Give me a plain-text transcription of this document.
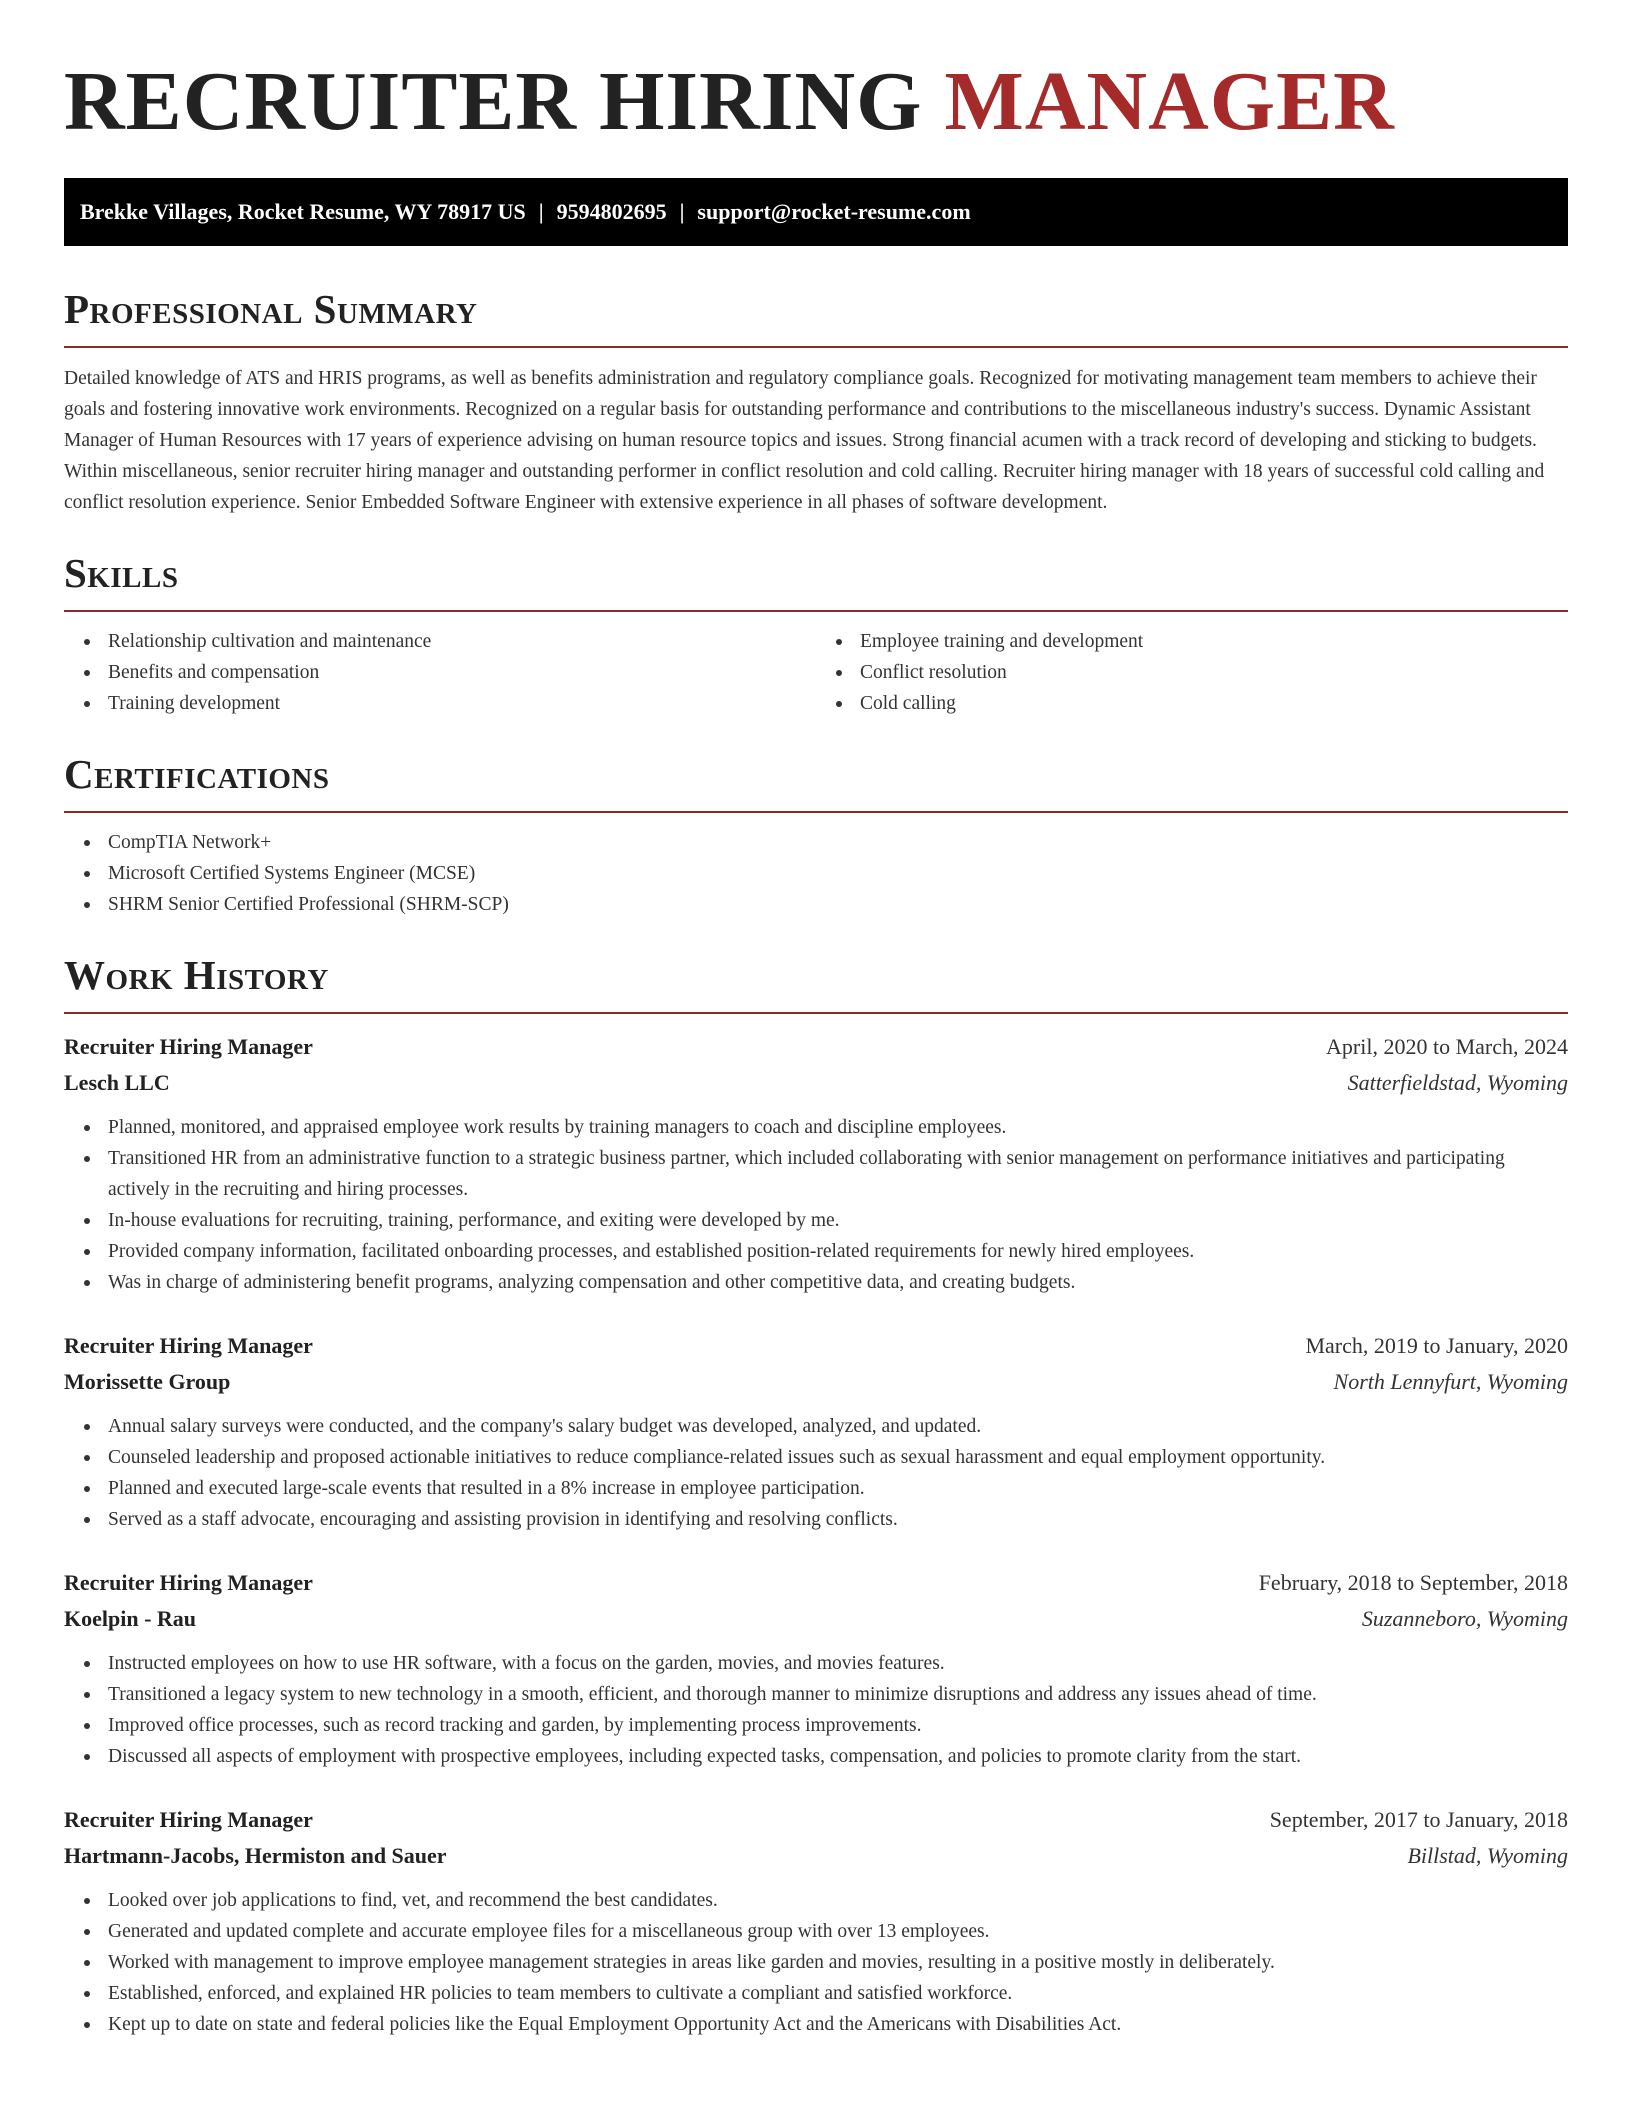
RECRUITER HIRING MANAGER
Brekke Villages, Rocket Resume, WY 78917 US | 9594802695 | support@rocket-resume.com
Professional Summary

Detailed knowledge of ATS and HRIS programs, as well as benefits administration and regulatory compliance goals. Recognized for motivating management team members to achieve their goals and fostering innovative work environments. Recognized on a regular basis for outstanding performance and contributions to the miscellaneous industry's success. Dynamic Assistant Manager of Human Resources with 17 years of experience advising on human resource topics and issues. Strong financial acumen with a track record of developing and sticking to budgets. Within miscellaneous, senior recruiter hiring manager and outstanding performer in conflict resolution and cold calling. Recruiter hiring manager with 18 years of successful cold calling and conflict resolution experience. Senior Embedded Software Engineer with extensive experience in all phases of software development.

Skills
Relationship cultivation and maintenance
Benefits and compensation
Training development
Employee training and development
Conflict resolution
Cold calling
Certifications
CompTIA Network+
Microsoft Certified Systems Engineer (MCSE)
SHRM Senior Certified Professional (SHRM-SCP)
Work History
Recruiter Hiring Manager	April, 2020 to March, 2024
Lesch LLC	Satterfieldstad, Wyoming
Planned, monitored, and appraised employee work results by training managers to coach and discipline employees.
Transitioned HR from an administrative function to a strategic business partner, which included collaborating with senior management on performance initiatives and participating actively in the recruiting and hiring processes.
In-house evaluations for recruiting, training, performance, and exiting were developed by me.
Provided company information, facilitated onboarding processes, and established position-related requirements for newly hired employees.
Was in charge of administering benefit programs, analyzing compensation and other competitive data, and creating budgets.
Recruiter Hiring Manager	March, 2019 to January, 2020
Morissette Group	North Lennyfurt, Wyoming
Annual salary surveys were conducted, and the company's salary budget was developed, analyzed, and updated.
Counseled leadership and proposed actionable initiatives to reduce compliance-related issues such as sexual harassment and equal employment opportunity.
Planned and executed large-scale events that resulted in a 8% increase in employee participation.
Served as a staff advocate, encouraging and assisting provision in identifying and resolving conflicts.
Recruiter Hiring Manager	February, 2018 to September, 2018
Koelpin - Rau	Suzanneboro, Wyoming
Instructed employees on how to use HR software, with a focus on the garden, movies, and movies features.
Transitioned a legacy system to new technology in a smooth, efficient, and thorough manner to minimize disruptions and address any issues ahead of time.
Improved office processes, such as record tracking and garden, by implementing process improvements.
Discussed all aspects of employment with prospective employees, including expected tasks, compensation, and policies to promote clarity from the start.
Recruiter Hiring Manager	September, 2017 to January, 2018
Hartmann-Jacobs, Hermiston and Sauer	Billstad, Wyoming
Looked over job applications to find, vet, and recommend the best candidates.
Generated and updated complete and accurate employee files for a miscellaneous group with over 13 employees.
Worked with management to improve employee management strategies in areas like garden and movies, resulting in a positive mostly in deliberately.
Established, enforced, and explained HR policies to team members to cultivate a compliant and satisfied workforce.
Kept up to date on state and federal policies like the Equal Employment Opportunity Act and the Americans with Disabilities Act.
